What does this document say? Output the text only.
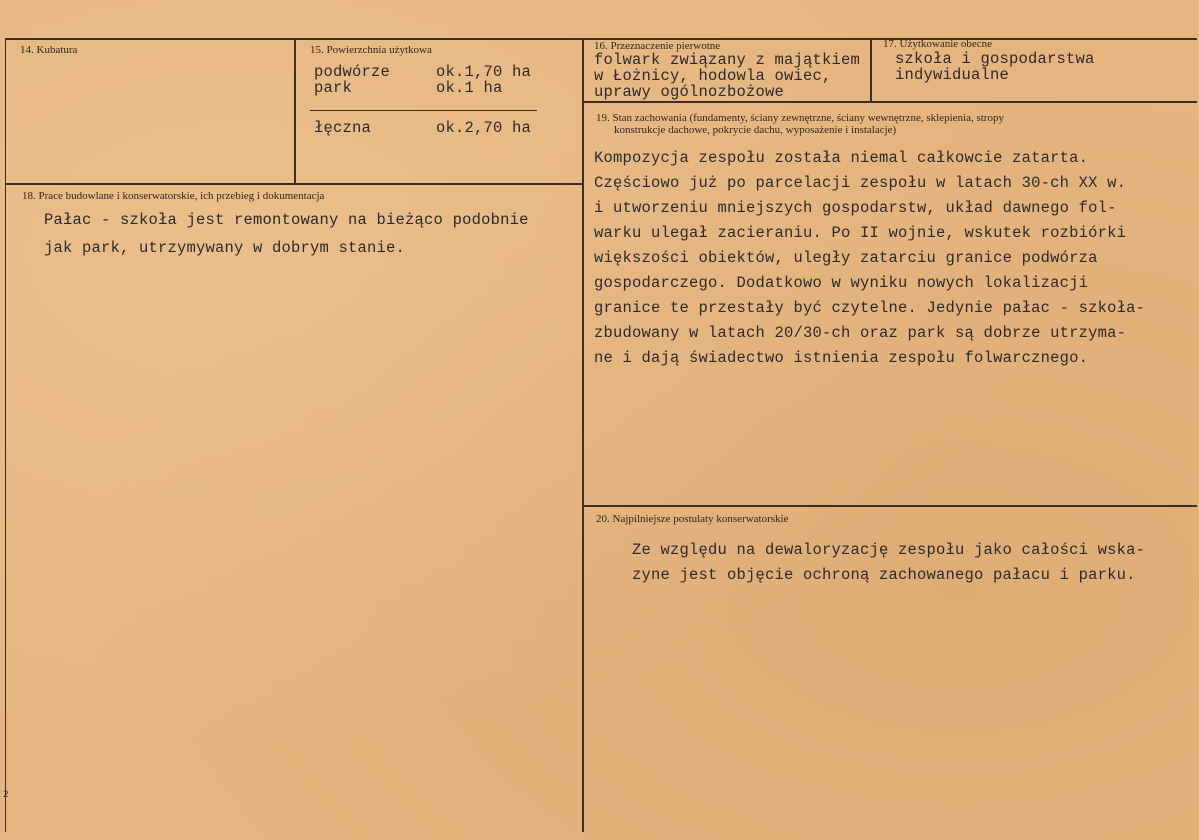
14. Kubatura	15. Powierzchnia użytkowa
podwórze	ok.1,70 ha
park	ok.1 ha
łęczna	ok.2,70 ha
16. Przeznaczenie pierwotne
folwark związany z majątkiem
w Łożnicy, hodowla owiec,
uprawy ogólnozbożowe
17. Użytkowanie obecne
szkoła i gospodarstwa
indywidualne
18. Prace budowlane i konserwatorskie, ich przebieg i dokumentacja
Pałac - szkoła jest remontowany na bieżąco podobnie
jak park, utrzymywany w dobrym stanie.
19. Stan zachowania (fundamenty, ściany zewnętrzne, ściany wewnętrzne, sklepienia, stropy
konstrukcje dachowe, pokrycie dachu, wyposażenie i instalacje)
Kompozycja zespołu została niemal całkowcie zatarta.
Częściowo już po parcelacji zespołu w latach 30-ch XX w.
i utworzeniu mniejszych gospodarstw, układ dawnego fol-
warku ulegał zacieraniu. Po II wojnie, wskutek rozbiórki
większości obiektów, uległy zatarciu granice podwórza
gospodarczego. Dodatkowo w wyniku nowych lokalizacji
granice te przestały być czytelne. Jedynie pałac - szkoła-
zbudowany w latach 20/30-ch oraz park są dobrze utrzyma-
ne i dają świadectwo istnienia zespołu folwarcznego.
20. Najpilniejsze postulaty konserwatorskie
Ze względu na dewaloryzację zespołu jako całości wska-
zyne jest objęcie ochroną zachowanego pałacu i parku.
2
